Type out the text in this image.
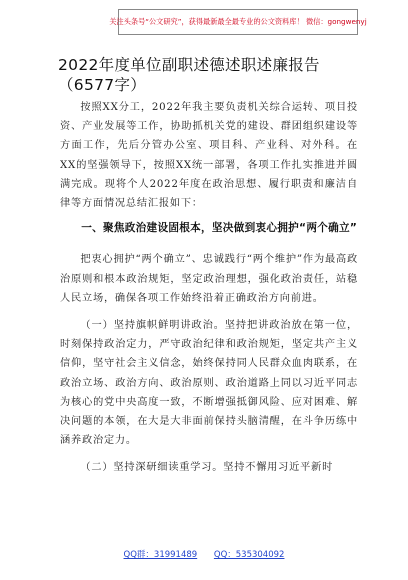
关注头条号“公文研究”，获得最新最全最专业的公文资料库！ 微信：gongwenyj
2022年度单位副职述德述职述廉报告
（6577字）

按照XX分工，2022年我主要负责机关综合运转、项目投资、产业发展等工作，协助抓机关党的建设、群团组织建设等方面工作，先后分管办公室、项目科、产业科、对外科。在XX的坚强领导下，按照XX统一部署，各项工作扎实推进并圆满完成。现将个人2022年度在政治思想、履行职责和廉洁自律等方面情况总结汇报如下：

一、聚焦政治建设固根本，坚决做到衷心拥护“两个确立”

把衷心拥护“两个确立”、忠诚践行“两个维护”作为最高政治原则和根本政治规矩，坚定政治理想，强化政治责任，站稳人民立场，确保各项工作始终沿着正确政治方向前进。

（一）坚持旗帜鲜明讲政治。坚持把讲政治放在第一位，时刻保持政治定力，严守政治纪律和政治规矩，坚定共产主义信仰，坚守社会主义信念，始终保持同人民群众血肉联系，在政治立场、政治方向、政治原则、政治道路上同以习近平同志为核心的党中央高度一致，不断增强抵御风险、应对困难、解决问题的本领，在大是大非面前保持头脑清醒，在斗争历练中涵养政治定力。

（二）坚持深研细读重学习。坚持不懈用习近平新时

QQ群：31991489 QQ：535304092
